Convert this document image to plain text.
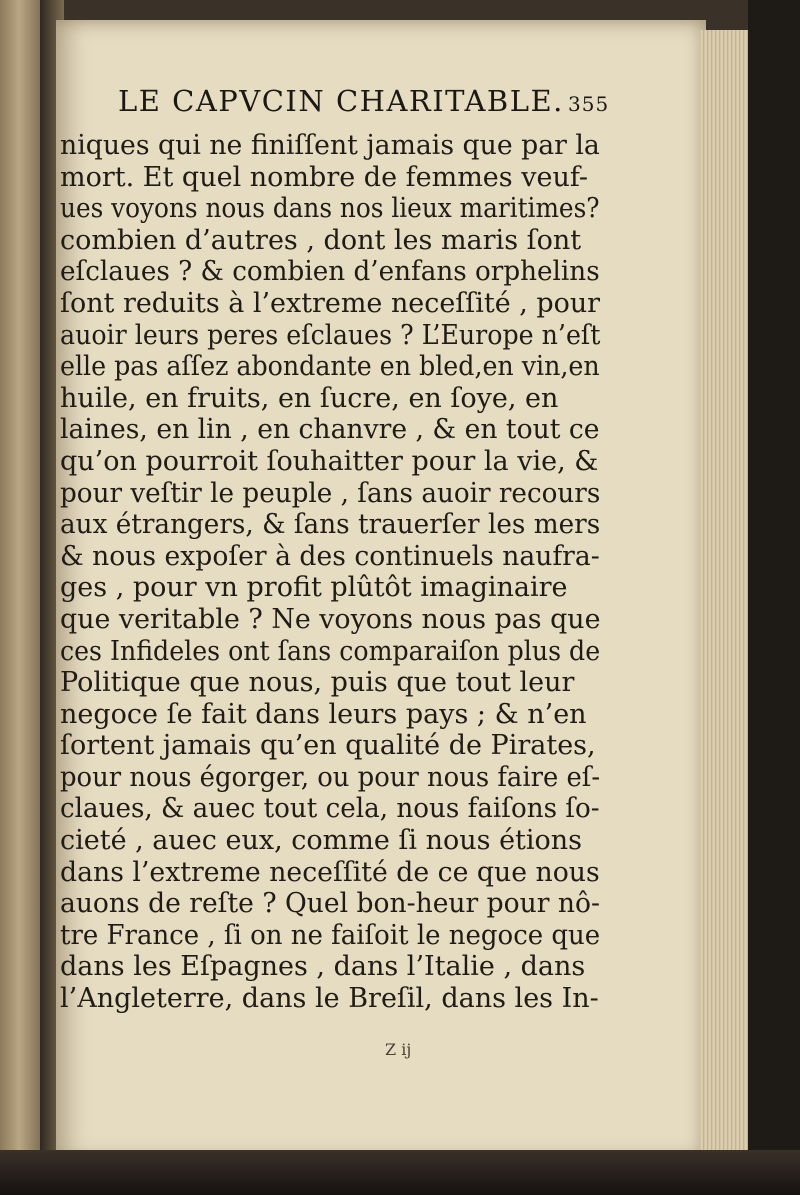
LE CAPVCIN CHARITABLE. 355
niques qui ne finiſſent jamais que par la
mort. Et quel nombre de femmes veuf-
ues voyons nous dans nos lieux maritimes?
combien d’autres , dont les maris ſont
eſclaues ? & combien d’enfans orphelins
ſont reduits à l’extreme neceſſité , pour
auoir leurs peres eſclaues ? L’Europe n’eſt
elle pas aſſez abondante en bled,en vin,en
huile, en fruits, en ſucre, en ſoye, en
laines, en lin , en chanvre , & en tout ce
qu’on pourroit ſouhaitter pour la vie, &
pour veſtir le peuple , ſans auoir recours
aux étrangers, & ſans trauerſer les mers
& nous expoſer à des continuels naufra-
ges , pour vn profit plûtôt imaginaire
que veritable ? Ne voyons nous pas que
ces Infideles ont ſans comparaiſon plus de
Politique que nous, puis que tout leur
negoce ſe fait dans leurs pays ; & n’en
ſortent jamais qu’en qualité de Pirates,
pour nous égorger, ou pour nous faire eſ-
claues, & auec tout cela, nous faiſons ſo-
cieté , auec eux, comme ſi nous étions
dans l’extreme neceſſité de ce que nous
auons de reſte ? Quel bon-heur pour nô-
tre France , ſi on ne faiſoit le negoce que
dans les Eſpagnes , dans l’Italie , dans
l’Angleterre, dans le Breſil, dans les In-
Z ij
